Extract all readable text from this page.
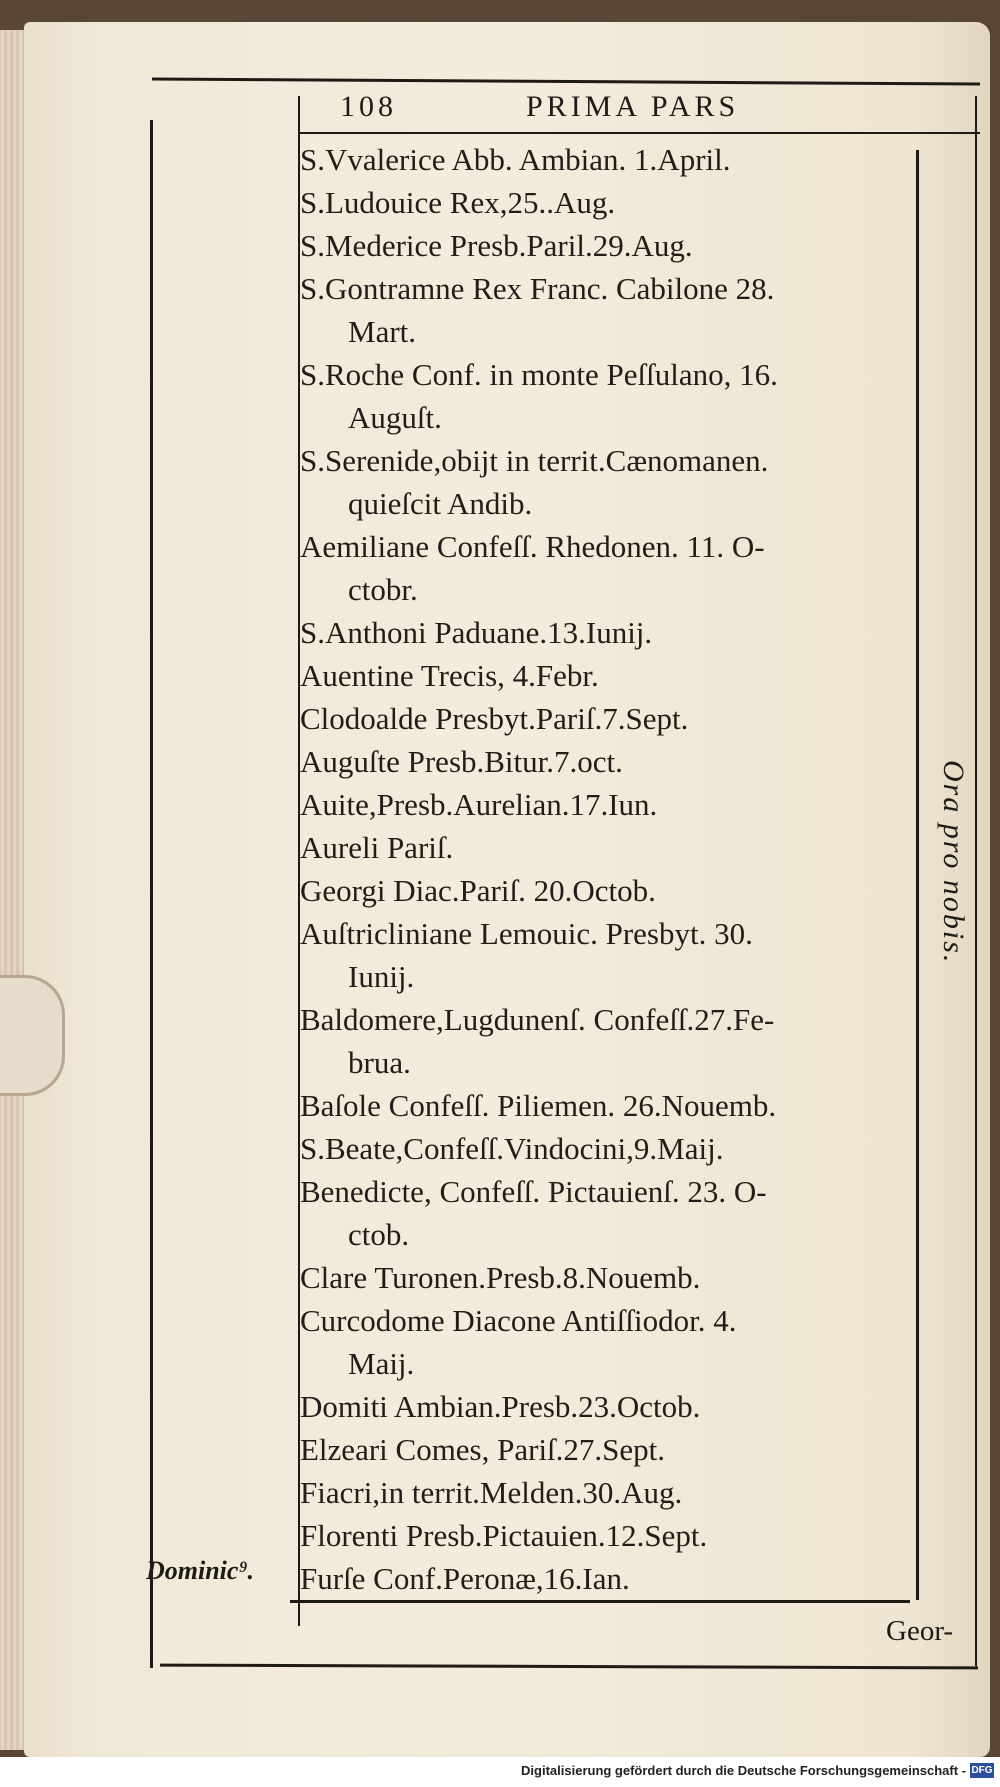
108	PRIMA PARS
S.Vvalerice Abb. Ambian. 1.April.
S.Ludouice Rex,25..Aug.
S.Mederice Presb.Paril.29.Aug.
S.Gontramne Rex Franc. Cabilone 28.
Mart.
S.Roche Conf. in monte Peſſulano, 16.
Auguſt.
S.Serenide,obijt in territ.Cænomanen.
quieſcit Andib.
Aemiliane Confeſſ. Rhedonen. 11. O-
ctobr.
S.Anthoni Paduane.13.Iunij.
Auentine Trecis, 4.Febr.
Clodoalde Presbyt.Pariſ.7.Sept.
Auguſte Presb.Bitur.7.oct.
Auite,Presb.Aurelian.17.Iun.
Aureli Pariſ.
Georgi Diac.Pariſ. 20.Octob.
Auſtricliniane Lemouic. Presbyt. 30.
Iunij.
Baldomere,Lugdunenſ. Confeſſ.27.Fe-
brua.
Baſole Confeſſ. Piliemen. 26.Nouemb.
S.Beate,Confeſſ.Vindocini,9.Maij.
Benedicte, Confeſſ. Pictauienſ. 23. O-
ctob.
Clare Turonen.Presb.8.Nouemb.
Curcodome Diacone Antiſſiodor. 4.
Maij.
Domiti Ambian.Presb.23.Octob.
Elzeari Comes, Pariſ.27.Sept.
Fiacri,in territ.Melden.30.Aug.
Florenti Presb.Pictauien.12.Sept.
Furſe Conf.Peronæ,16.Ian.
Dominic⁹.
Ora pro nobis.
Geor-
Digitalisierung gefördert durch die Deutsche Forschungsgemeinschaft - DFG
